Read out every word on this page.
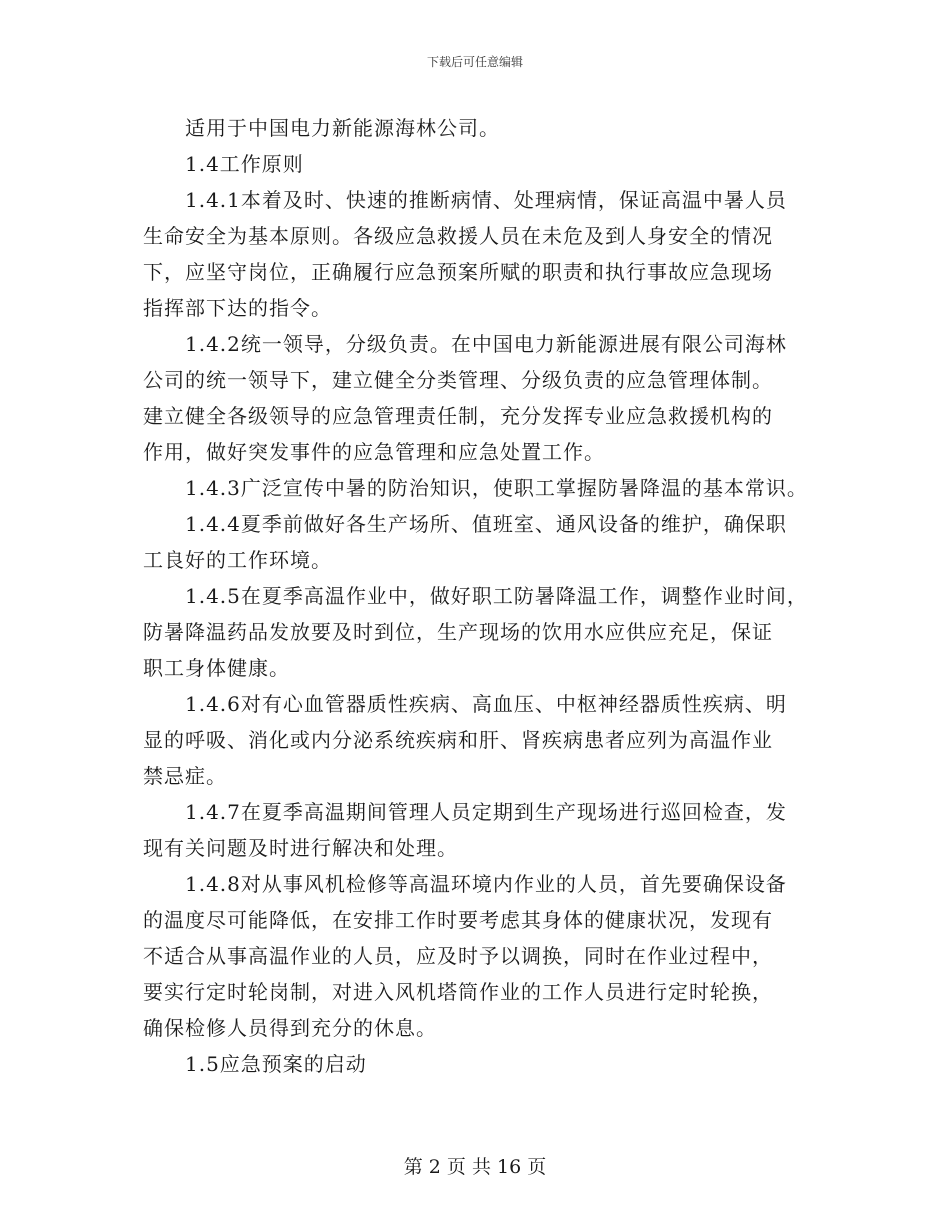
下载后可任意编辑
　　适用于中国电力新能源海林公司。
　　1.4工作原则
　　1.4.1本着及时、快速的推断病情、处理病情，保证高温中暑人员
生命安全为基本原则。各级应急救援人员在未危及到人身安全的情况
下，应坚守岗位，正确履行应急预案所赋的职责和执行事故应急现场
指挥部下达的指令。
　　1.4.2统一领导，分级负责。在中国电力新能源进展有限公司海林
公司的统一领导下，建立健全分类管理、分级负责的应急管理体制。
建立健全各级领导的应急管理责任制，充分发挥专业应急救援机构的
作用，做好突发事件的应急管理和应急处置工作。
　　1.4.3广泛宣传中暑的防治知识，使职工掌握防暑降温的基本常识。
　　1.4.4夏季前做好各生产场所、值班室、通风设备的维护，确保职
工良好的工作环境。
　　1.4.5在夏季高温作业中，做好职工防暑降温工作，调整作业时间，
防暑降温药品发放要及时到位，生产现场的饮用水应供应充足，保证
职工身体健康。
　　1.4.6对有心血管器质性疾病、高血压、中枢神经器质性疾病、明
显的呼吸、消化或内分泌系统疾病和肝、肾疾病患者应列为高温作业
禁忌症。
　　1.4.7在夏季高温期间管理人员定期到生产现场进行巡回检查，发
现有关问题及时进行解决和处理。
　　1.4.8对从事风机检修等高温环境内作业的人员，首先要确保设备
的温度尽可能降低，在安排工作时要考虑其身体的健康状况，发现有
不适合从事高温作业的人员，应及时予以调换，同时在作业过程中，
要实行定时轮岗制，对进入风机塔筒作业的工作人员进行定时轮换，
确保检修人员得到充分的休息。
　　1.5应急预案的启动
第 2 页 共 16 页
